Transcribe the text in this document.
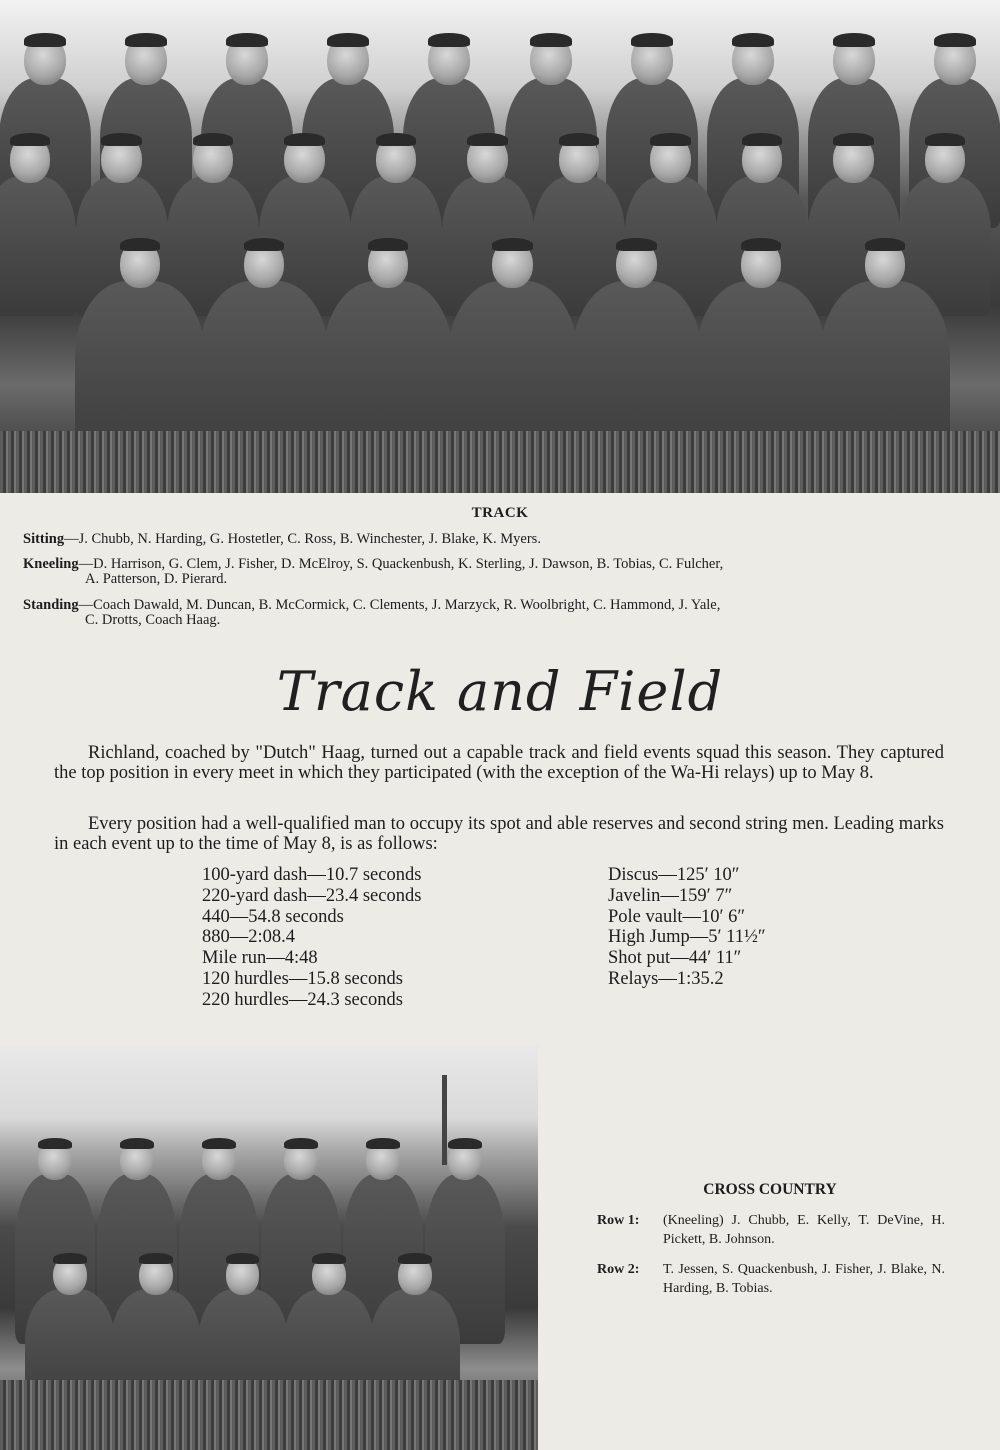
TRACK
Sitting—J. Chubb, N. Harding, G. Hostetler, C. Ross, B. Winchester, J. Blake, K. Myers.
Kneeling—D. Harrison, G. Clem, J. Fisher, D. McElroy, S. Quackenbush, K. Sterling, J. Dawson, B. Tobias, C. Fulcher,
A. Patterson, D. Pierard.
Standing—Coach Dawald, M. Duncan, B. McCormick, C. Clements, J. Marzyck, R. Woolbright, C. Hammond, J. Yale,
C. Drotts, Coach Haag.
Track and Field
Richland, coached by "Dutch" Haag, turned out a capable track and field events squad this season. They captured the top position in every meet in which they participated (with the exception of the Wa-Hi relays) up to May 8.
Every position had a well-qualified man to occupy its spot and able reserves and second string men. Leading marks in each event up to the time of May 8, is as follows:
100-yard dash—10.7 seconds
220-yard dash—23.4 seconds
440—54.8 seconds
880—2:08.4
Mile run—4:48
120 hurdles—15.8 seconds
220 hurdles—24.3 seconds
Discus—125′ 10″
Javelin—159′ 7″
Pole vault—10′ 6″
High Jump—5′ 11½″
Shot put—44′ 11″
Relays—1:35.2
CROSS COUNTRY
Row 1: (Kneeling) J. Chubb, E. Kelly, T. DeVine, H. Pickett, B. Johnson.
Row 2: T. Jessen, S. Quackenbush, J. Fisher, J. Blake, N. Harding, B. Tobias.
